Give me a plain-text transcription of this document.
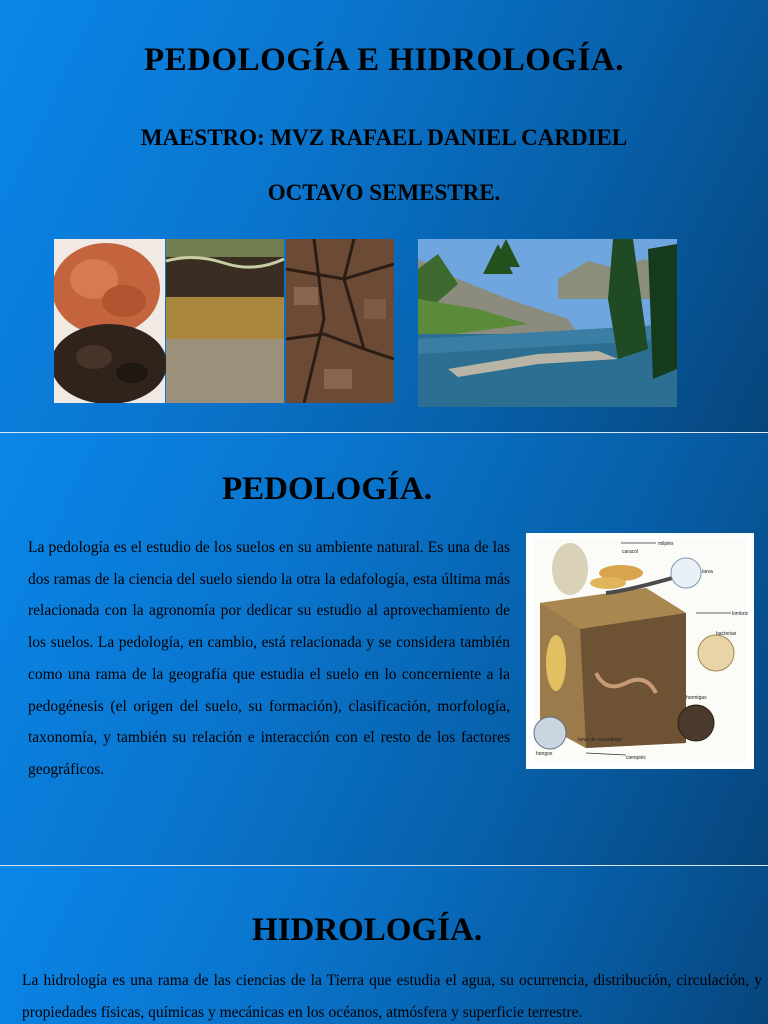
PEDOLOGÍA E HIDROLOGÍA.
MAESTRO: MVZ RAFAEL DANIEL CARDIEL
OCTAVO SEMESTRE.
PEDOLOGÍA.

La pedología es el estudio de los suelos en su ambiente natural. Es una de las dos ramas de la ciencia del suelo siendo la otra la edafología, esta última más relacionada con la agronomía por dedicar su estudio al aprovechamiento de los suelos. La pedología, en cambio, está relacionada y se considera también como una rama de la geografía que estudia el suelo en lo concerniente a la pedogénesis (el origen del suelo, su formación), clasificación, morfología, taxonomía, y también su relación e interacción con el resto de los factores geográficos.

milpiés
larva
caracol
lombriz
bacterias
hongos
larva de escarabajo
ciempiés
hormigas
HIDROLOGÍA.

La hidrología es una rama de las ciencias de la Tierra que estudia el agua, su ocurrencia, distribución, circulación, y propiedades físicas, químicas y mecánicas en los océanos, atmósfera y superficie terrestre.
